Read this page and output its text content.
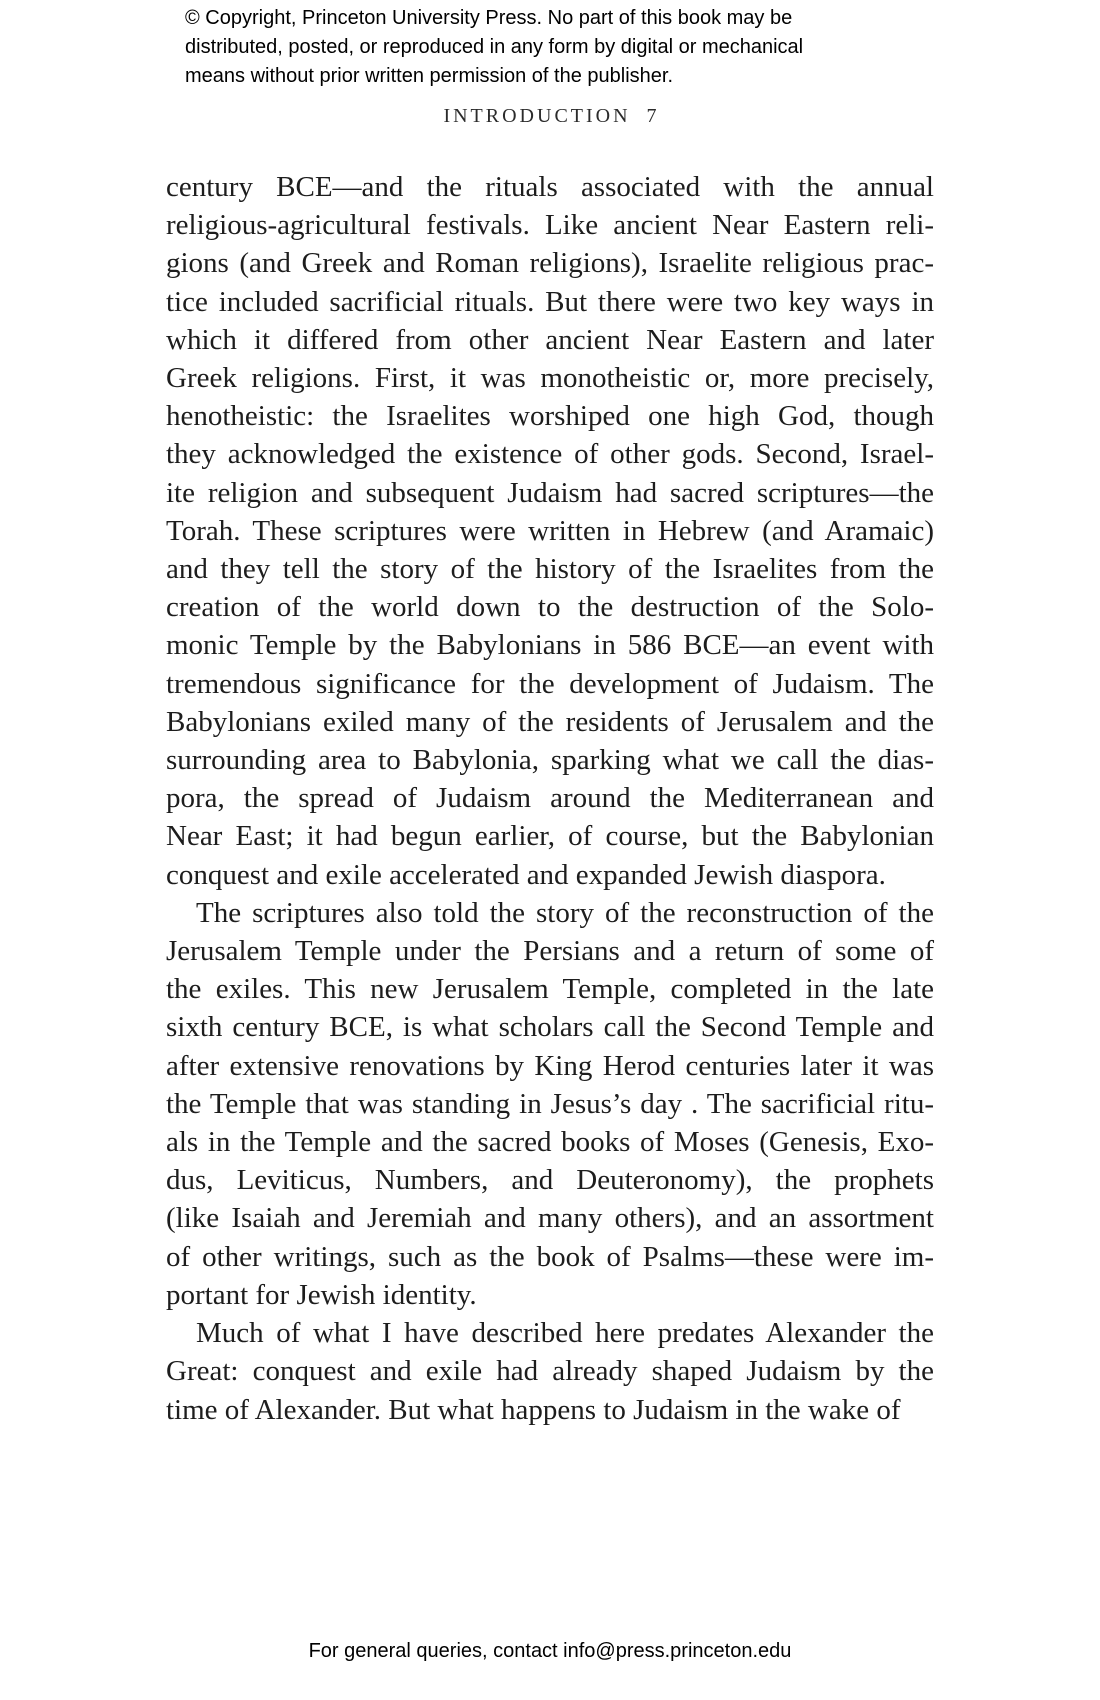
© Copyright, Princeton University Press. No part of this book may be
distributed, posted, or reproduced in any form by digital or mechanical
means without prior written permission of the publisher.
INTRODUCTION 7
century BCE—and the rituals associated with the annual
religious-agricultural festivals. Like ancient Near Eastern reli-
gions (and Greek and Roman religions), Israelite religious prac-
tice included sacrificial rituals. But there were two key ways in
which it differed from other ancient Near Eastern and later
Greek religions. First, it was monotheistic or, more precisely,
henotheistic: the Israelites worshiped one high God, though
they acknowledged the existence of other gods. Second, Israel-
ite religion and subsequent Judaism had sacred scriptures—the
Torah. These scriptures were written in Hebrew (and Aramaic)
and they tell the story of the history of the Israelites from the
creation of the world down to the destruction of the Solo-
monic Temple by the Babylonians in 586 BCE—an event with
tremendous significance for the development of Judaism. The
Babylonians exiled many of the residents of Jerusalem and the
surrounding area to Babylonia, sparking what we call the dias-
pora, the spread of Judaism around the Mediterranean and
Near East; it had begun earlier, of course, but the Babylonian
conquest and exile accelerated and expanded Jewish diaspora.
The scriptures also told the story of the reconstruction of the
Jerusalem Temple under the Persians and a return of some of
the exiles. This new Jerusalem Temple, completed in the late
sixth century BCE, is what scholars call the Second Temple and
after extensive renovations by King Herod centuries later it was
the Temple that was standing in Jesus’s day . The sacrificial ritu-
als in the Temple and the sacred books of Moses (Genesis, Exo-
dus, Leviticus, Numbers, and Deuteronomy), the prophets
(like Isaiah and Jeremiah and many others), and an assortment
of other writings, such as the book of Psalms—these were im-
portant for Jewish identity.
Much of what I have described here predates Alexander the
Great: conquest and exile had already shaped Judaism by the
time of Alexander. But what happens to Judaism in the wake of
For general queries, contact info@press.princeton.edu
